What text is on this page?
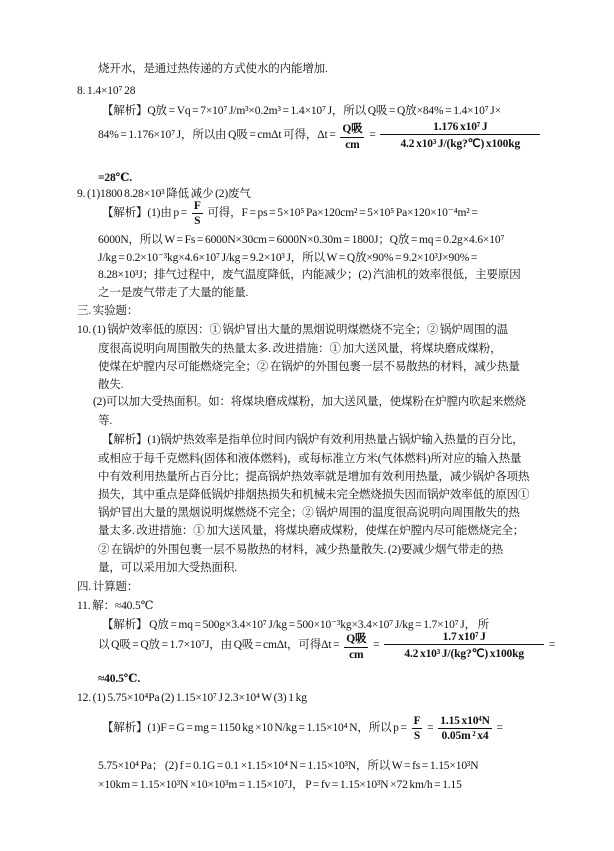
烧开水，是通过热传递的方式使水的内能增加.
8. 1.4×10⁷ 28
【解析】Q放 = Vq = 7×10⁷ J/m³×0.2m³ = 1.4×10⁷ J，所以 Q吸 = Q放×84% = 1.4×10⁷ J×
84% = 1.176×10⁷ J，所以由 Q吸 = cmΔt 可得，$\Delta t = \frac{\text{Q吸}}{cm} = \frac{\text{1.176 x10⁷ J}}{\text{4.2 x10³ J/(kg?℃) x100kg}}$
=28℃.
9. (1)1800 8.28×10³ 降低 减少 (2)废气
【解析】(1)由 $p = \frac{F}{S}$ 可得，F = ps = 5×10⁵ Pa×120cm² = 5×10⁵ Pa×120×10⁻⁴m² =
6000N，所以 W = Fs = 6000N×30cm = 6000N×0.30m = 1800J；Q放 = mq = 0.2g×4.6×10⁷
J/kg = 0.2×10⁻³kg×4.6×10⁷ J/kg = 9.2×10³ J，所以 W = Q放×90% = 9.2×10³J×90% =
8.28×10³J；排气过程中，废气温度降低，内能减少；(2) 汽油机的效率很低，主要原因
之一是废气带走了大量的能量.
三. 实验题：
10. (1) 锅炉效率低的原因：① 锅炉冒出大量的黑烟说明煤燃烧不完全；② 锅炉周围的温
度很高说明向周围散失的热量太多. 改进措施：① 加大送风量，将煤块磨成煤粉，
使煤在炉膛内尽可能燃烧完全；② 在锅炉的外围包裹一层不易散热的材料，减少热量
散失.
(2)可以加大受热面积。如：将煤块磨成煤粉，加大送风量，使煤粉在炉膛内吹起来燃烧
等.
【解析】(1)锅炉热效率是指单位时间内锅炉有效利用热量占锅炉输入热量的百分比，
或相应于每千克燃料(固体和液体燃料)，或每标准立方米(气体燃料)所对应的输入热量
中有效利用热量所占百分比；提高锅炉热效率就是增加有效利用热量，减少锅炉各项热
损失，其中重点是降低锅炉排烟热损失和机械未完全燃烧损失因而锅炉效率低的原因①
锅炉冒出大量的黑烟说明煤燃烧不完全；② 锅炉周围的温度很高说明向周围散失的热
量太多. 改进措施：① 加大送风量，将煤块磨成煤粉，使煤在炉膛内尽可能燃烧完全；
② 在锅炉的外围包裹一层不易散热的材料，减少热量散失. (2)要减少烟气带走的热
量，可以采用加大受热面积.
四. 计算题：
11. 解：≈40.5℃
【解析】 Q放 = mq = 500g×3.4×10⁷ J/kg = 500×10⁻³kg×3.4×10⁷ J/kg = 1.7×10⁷ J， 所
以 Q吸 = Q放 = 1.7×10⁷J，由 Q吸 = cmΔt，可得$\Delta t = \frac{\text{Q吸}}{cm} = \frac{\text{1.7 x10⁷ J}}{\text{4.2 x10³ J/(kg?℃) x100kg}}$ =
≈40.5℃.
12. (1) 5.75×10⁴Pa (2) 1.15×10⁷ J 2.3×10⁴ W (3) 1 kg
【解析】(1)F = G = mg = 1150 kg ×10 N/kg = 1.15×10⁴ N，所以 $p = \frac{F}{S} = \frac{\text{1.15 x10⁴N}}{\text{0.05m ² x4}}$ =
5.75×10⁴ Pa； (2) f = 0.1G = 0.1 ×1.15×10⁴ N = 1.15×10³N，所以 W = fs = 1.15×10³N
×10km = 1.15×10³N ×10×10³m = 1.15×10⁷J， P = fv = 1.15×10³N ×72 km/h = 1.15
